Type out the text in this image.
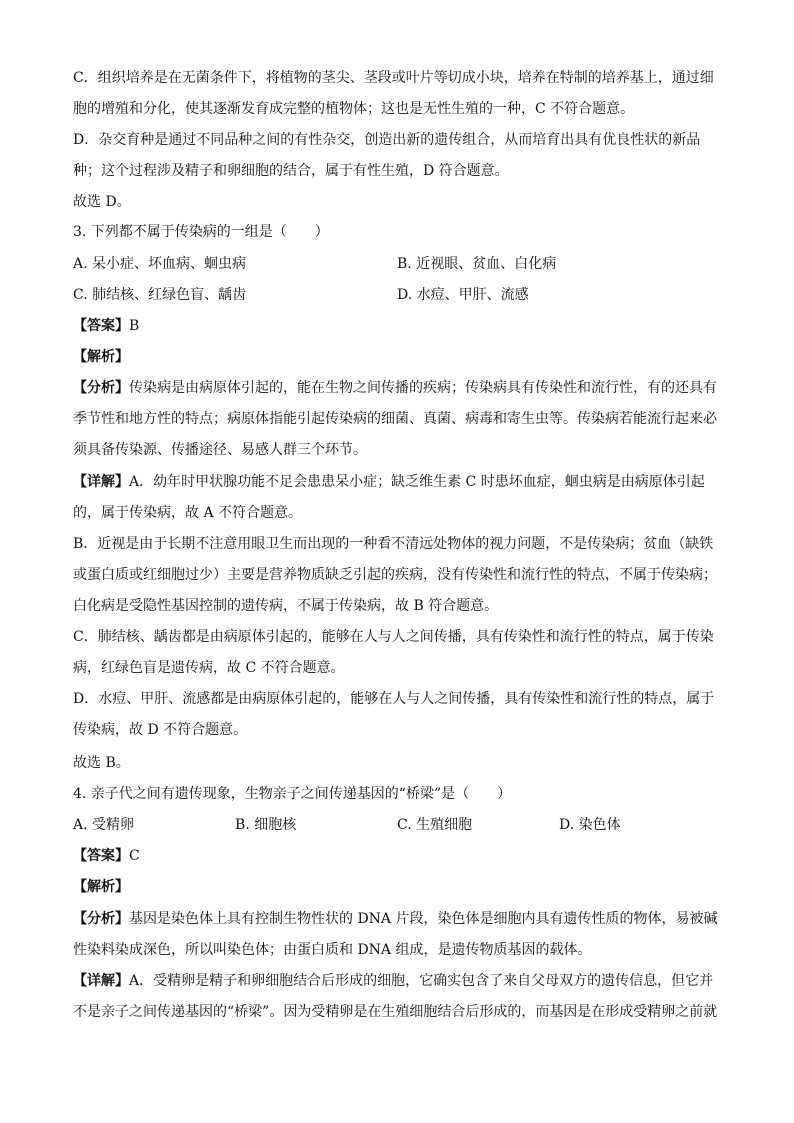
C．组织培养是在无菌条件下，将植物的茎尖、茎段或叶片等切成小块，培养在特制的培养基上，通过细
胞的增殖和分化，使其逐渐发育成完整的植物体；这也是无性生殖的一种，C 不符合题意。
D．杂交育种是通过不同品种之间的有性杂交，创造出新的遗传组合，从而培育出具有优良性状的新品
种；这个过程涉及精子和卵细胞的结合，属于有性生殖，D 符合题意。
故选 D。
3. 下列都不属于传染病的一组是（　　）
A. 呆小症、坏血病、蛔虫病	B. 近视眼、贫血、白化病
C. 肺结核、红绿色盲、龋齿	D. 水痘、甲肝、流感
【答案】B
【解析】
【分析】传染病是由病原体引起的，能在生物之间传播的疾病；传染病具有传染性和流行性，有的还具有
季节性和地方性的特点；病原体指能引起传染病的细菌、真菌、病毒和寄生虫等。传染病若能流行起来必
须具备传染源、传播途径、易感人群三个环节。
【详解】A．幼年时甲状腺功能不足会患患呆小症；缺乏维生素 C 时患坏血症，蛔虫病是由病原体引起
的，属于传染病，故 A 不符合题意。
B．近视是由于长期不注意用眼卫生而出现的一种看不清远处物体的视力问题，不是传染病；贫血（缺铁
或蛋白质或红细胞过少）主要是营养物质缺乏引起的疾病，没有传染性和流行性的特点，不属于传染病；
白化病是受隐性基因控制的遗传病，不属于传染病，故 B 符合题意。
C．肺结核、龋齿都是由病原体引起的，能够在人与人之间传播，具有传染性和流行性的特点，属于传染
病，红绿色盲是遗传病，故 C 不符合题意。
D．水痘、甲肝、流感都是由病原体引起的，能够在人与人之间传播，具有传染性和流行性的特点，属于
传染病，故 D 不符合题意。
故选 B。
4. 亲子代之间有遗传现象，生物亲子之间传递基因的“桥梁”是（　　）
A. 受精卵	B. 细胞核	C. 生殖细胞	D. 染色体
【答案】C
【解析】
【分析】基因是染色体上具有控制生物性状的 DNA 片段，染色体是细胞内具有遗传性质的物体，易被碱
性染料染成深色，所以叫染色体；由蛋白质和 DNA 组成，是遗传物质基因的载体。
【详解】A．受精卵是精子和卵细胞结合后形成的细胞，它确实包含了来自父母双方的遗传信息，但它并
不是亲子之间传递基因的“桥梁”。因为受精卵是在生殖细胞结合后形成的，而基因是在形成受精卵之前就
